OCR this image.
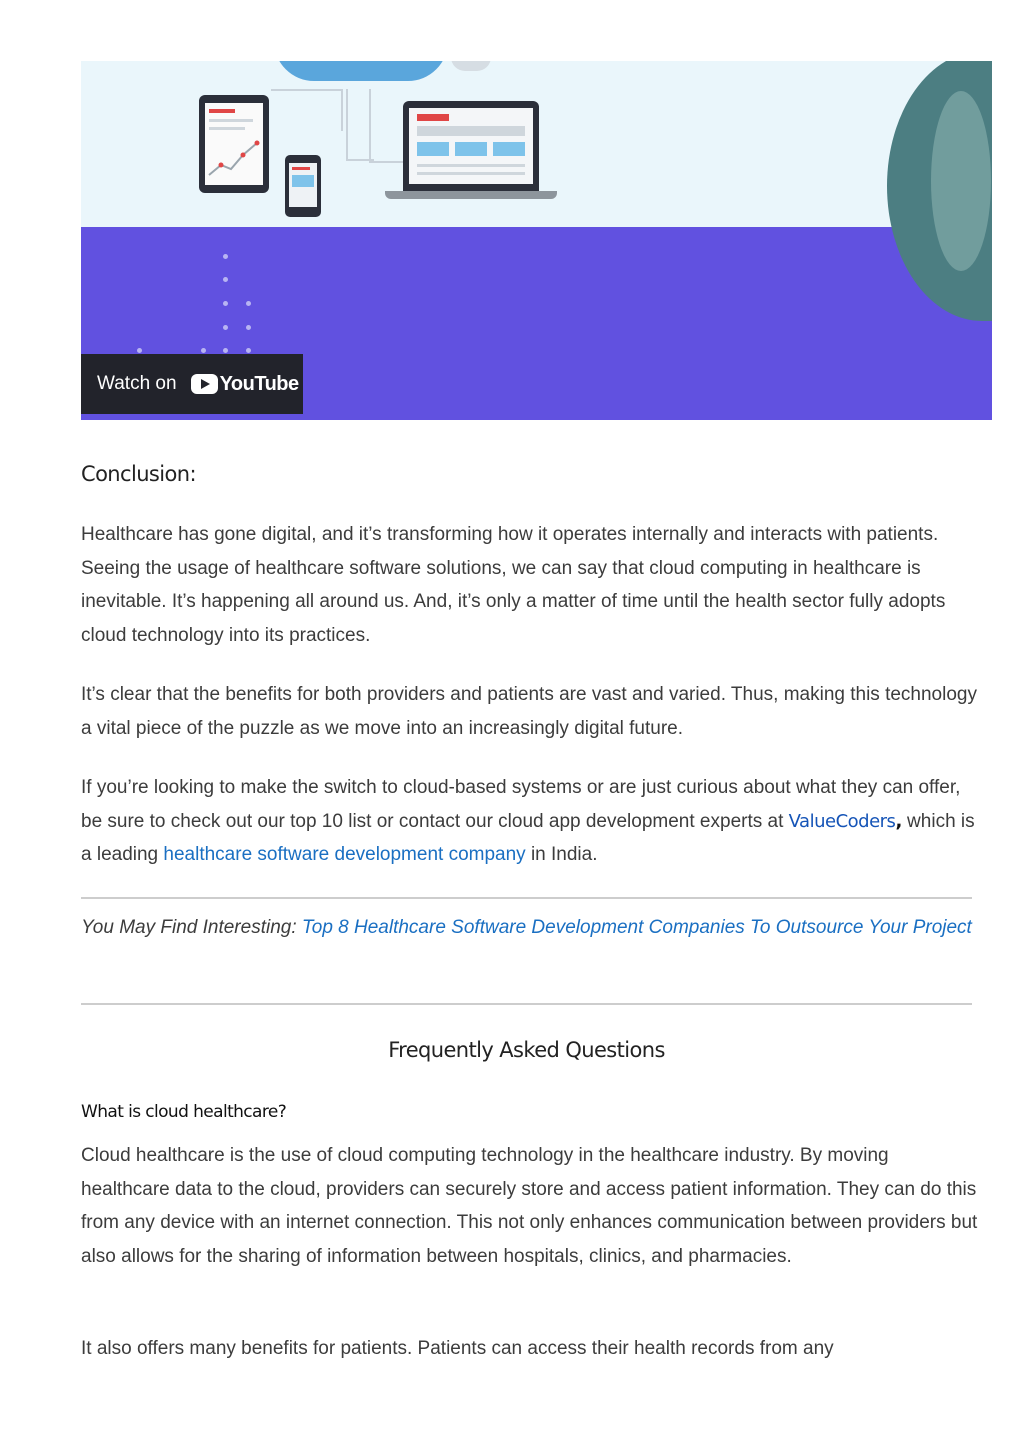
Watch on YouTube
Conclusion:

Healthcare has gone digital, and it’s transforming how it operates internally and interacts with patients. Seeing the usage of healthcare software solutions, we can say that cloud computing in healthcare is inevitable. It’s happening all around us. And, it’s only a matter of time until the health sector fully adopts cloud technology into its practices.

It’s clear that the benefits for both providers and patients are vast and varied. Thus, making this technology a vital piece of the puzzle as we move into an increasingly digital future.

If you’re looking to make the switch to cloud-based systems or are just curious about what they can offer, be sure to check out our top 10 list or contact our cloud app development experts at ValueCoders, which is a leading healthcare software development company in India.

You May Find Interesting: Top 8 Healthcare Software Development Companies To Outsource Your Project

Frequently Asked Questions
What is cloud healthcare?

Cloud healthcare is the use of cloud computing technology in the healthcare industry. By moving healthcare data to the cloud, providers can securely store and access patient information. They can do this from any device with an internet connection. This not only enhances communication between providers but also allows for the sharing of information between hospitals, clinics, and pharmacies.

It also offers many benefits for patients. Patients can access their health records from any
